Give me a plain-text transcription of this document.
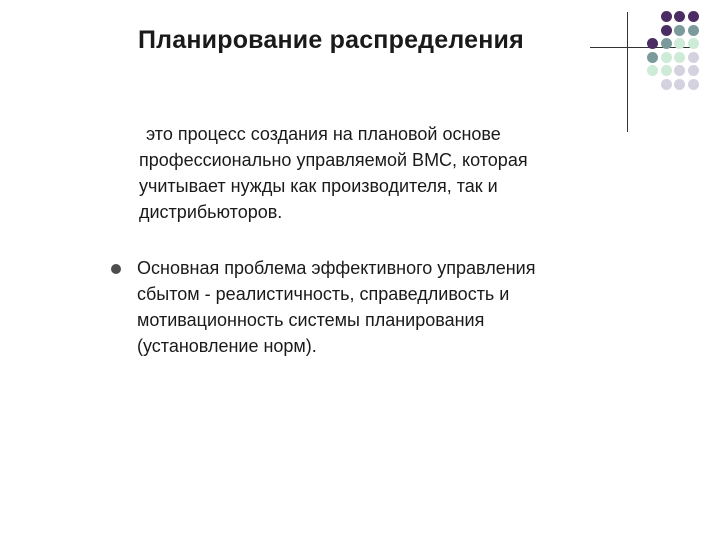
Планирование распределения
это процесс создания на плановой основе
профессионально управляемой ВМС, которая
учитывает нужды как производителя, так и
дистрибьюторов.
Основная проблема эффективного управления
сбытом - реалистичность, справедливость и
мотивационность системы планирования
(установление норм).
